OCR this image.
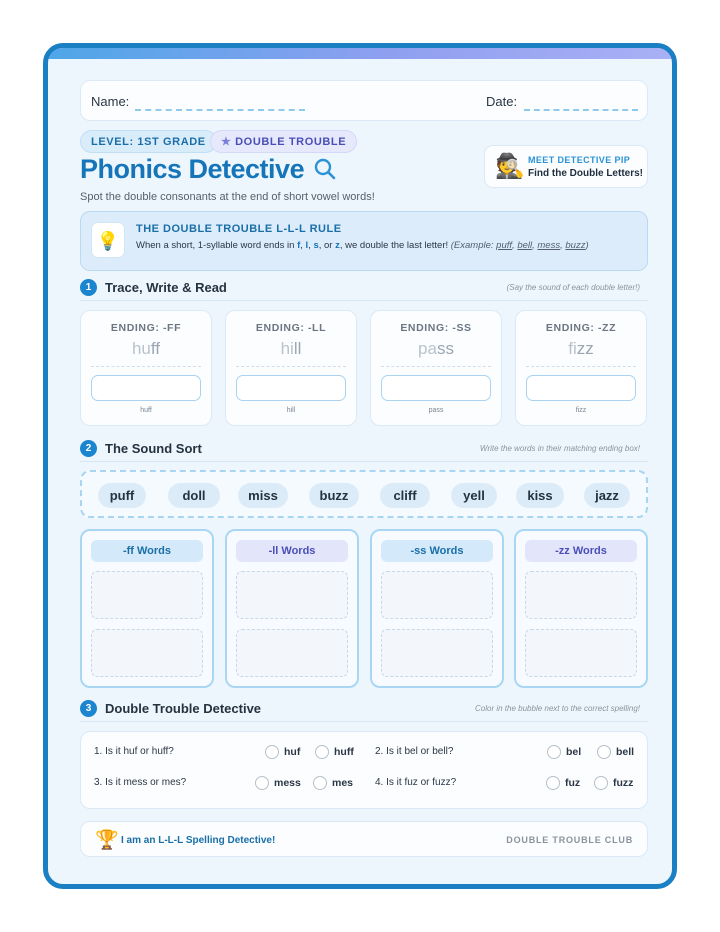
Name:	Date:
LEVEL: 1ST GRADE	★ DOUBLE TROUBLE
Phonics Detective
Spot the double consonants at the end of short vowel words!
🕵️ MEET DETECTIVE PIP
Find the Double Letters!
💡
THE DOUBLE TROUBLE L-L-L RULE
When a short, 1-syllable word ends in f, l, s, or z, we double the last letter! (Example: puff, bell, mess, buzz)
1	Trace, Write & Read	(Say the sound of each double letter!)
ENDING: -FF
huff
huff
ENDING: -LL
hill
hill
ENDING: -SS
pass
pass
ENDING: -ZZ
fizz
fizz
2	The Sound Sort	Write the words in their matching ending box!
puff	doll	miss	buzz	cliff	yell	kiss	jazz
-ff Words	-ll Words	-ss Words	-zz Words
3	Double Trouble Detective	Color in the bubble next to the correct spelling!
1. Is it huf or huff?	huf	huff 2. Is it bel or bell?	bel	bell
3. Is it mess or mes?	mess	mes 4. Is it fuz or fuzz?	fuz	fuzz
🏆 I am an L-L-L Spelling Detective!	DOUBLE TROUBLE CLUB
